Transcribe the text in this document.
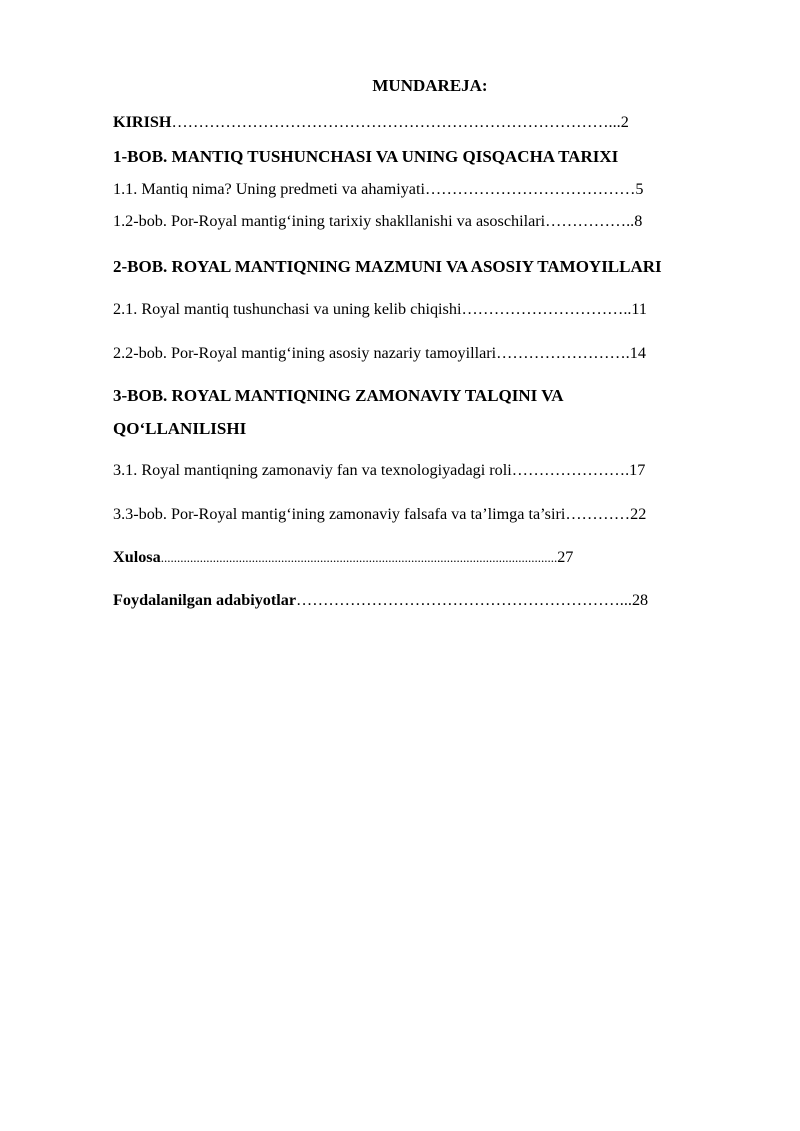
MUNDAREJA:
KIRISH………………………………………………………………………...2
1-BOB. MANTIQ TUSHUNCHASI VA UNING QISQACHA TARIXI
1.1. Mantiq nima? Uning predmeti va ahamiyati…………………………………5
1.2-bob. Por-Royal mantig‘ining tarixiy shakllanishi va asoschilari……………..8
2-BOB. ROYAL MANTIQNING MAZMUNI VA ASOSIY TAMOYILLARI
2.1. Royal mantiq tushunchasi va uning kelib chiqishi…………………………..11
2.2-bob. Por-Royal mantig‘ining asosiy nazariy tamoyillari…………………….14
3-BOB. ROYAL MANTIQNING ZAMONAVIY TALQINI VA
QO‘LLANILISHI
3.1. Royal mantiqning zamonaviy fan va texnologiyadagi roli………………….17
3.3-bob. Por-Royal mantig‘ining zamonaviy falsafa va ta’limga ta’siri…………22
Xulosa..........................................................................................................................27
Foydalanilgan adabiyotlar……………………………………………………...28
